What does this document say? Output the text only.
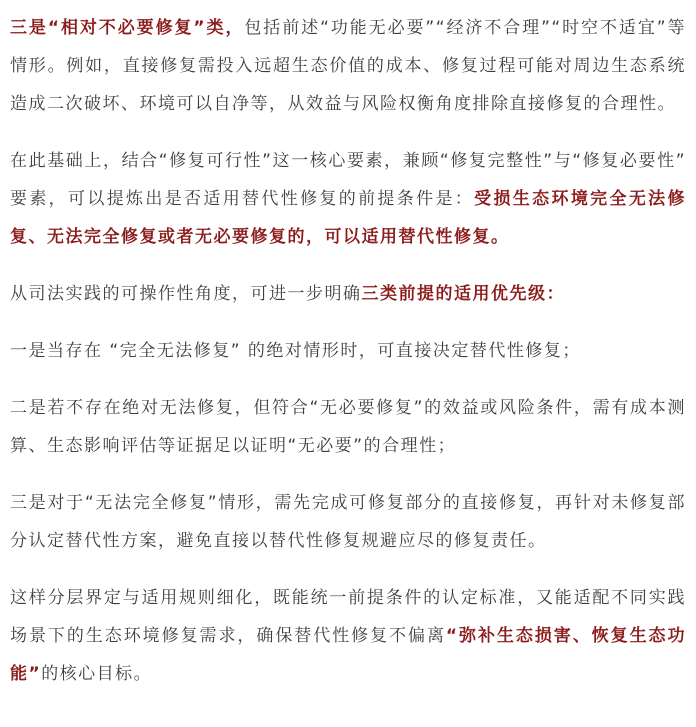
三是“相对不必要修复”类，包括前述“功能无必要”“经济不合理”“时空不适宜”等情形。例如，直接修复需投入远超生态价值的成本、修复过程可能对周边生态系统造成二次破坏、环境可以自净等，从效益与风险权衡角度排除直接修复的合理性。

在此基础上，结合“修复可行性”这一核心要素，兼顾“修复完整性”与“修复必要性”要素，可以提炼出是否适用替代性修复的前提条件是：受损生态环境完全无法修复、无法完全修复或者无必要修复的，可以适用替代性修复。

从司法实践的可操作性角度，可进一步明确三类前提的适用优先级：

一是当存在 “完全无法修复” 的绝对情形时，可直接决定替代性修复；

二是若不存在绝对无法修复，但符合“无必要修复”的效益或风险条件，需有成本测算、生态影响评估等证据足以证明“无必要”的合理性；

三是对于“无法完全修复”情形，需先完成可修复部分的直接修复，再针对未修复部分认定替代性方案，避免直接以替代性修复规避应尽的修复责任。

这样分层界定与适用规则细化，既能统一前提条件的认定标准，又能适配不同实践场景下的生态环境修复需求，确保替代性修复不偏离“弥补生态损害、恢复生态功能”的核心目标。
